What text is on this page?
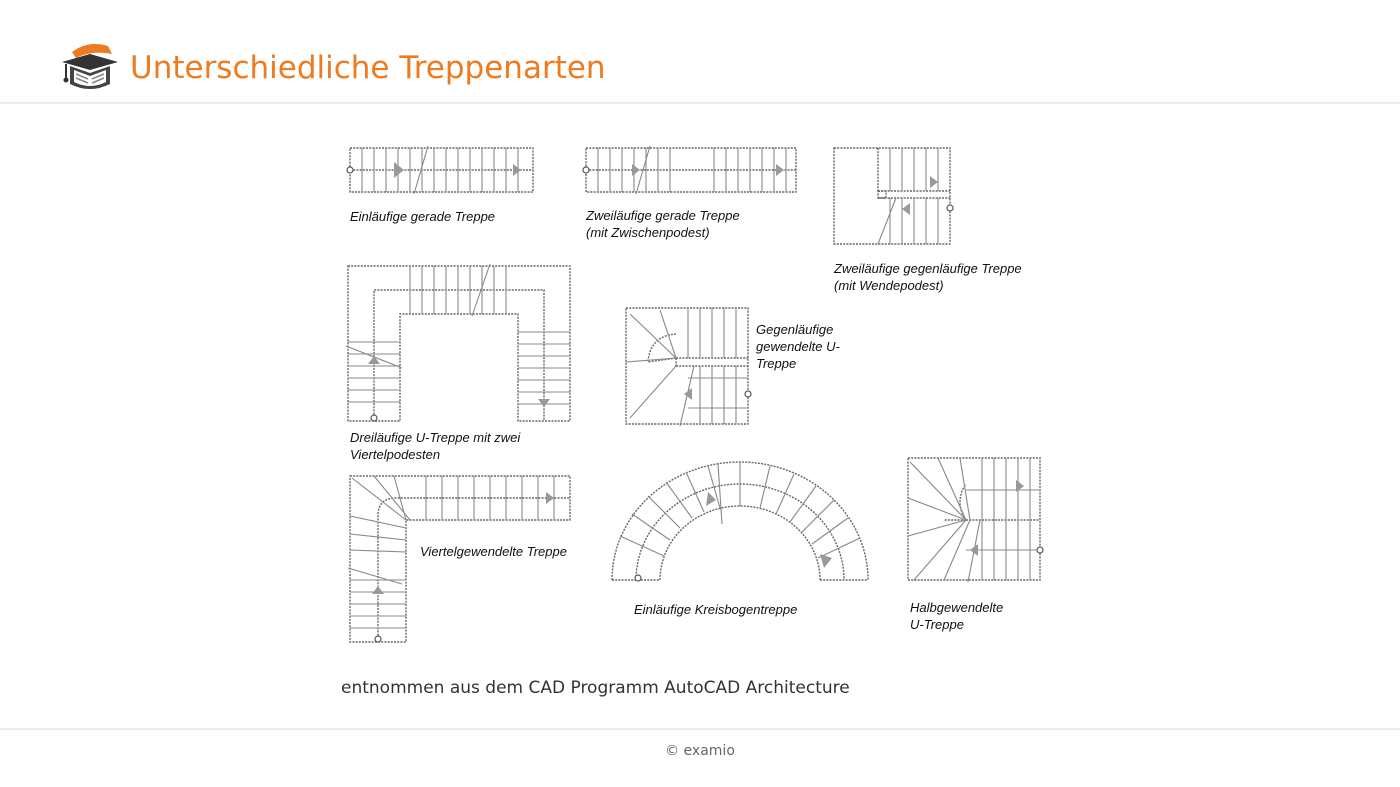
Unterschiedliche Treppenarten
Einläufige gerade Treppe	Zweiläufige gerade Treppe
(mit Zwischenpodest)
Zweiläufige gegenläufige Treppe
(mit Wendepodest)
Dreiläufige U-Treppe mit zwei
Viertelpodesten
Gegenläufige
gewendelte U-
Treppe
Viertelgewendelte Treppe
Einläufige Kreisbogentreppe	Halbgewendelte
U-Treppe
entnommen aus dem CAD Programm AutoCAD Architecture
© examio
